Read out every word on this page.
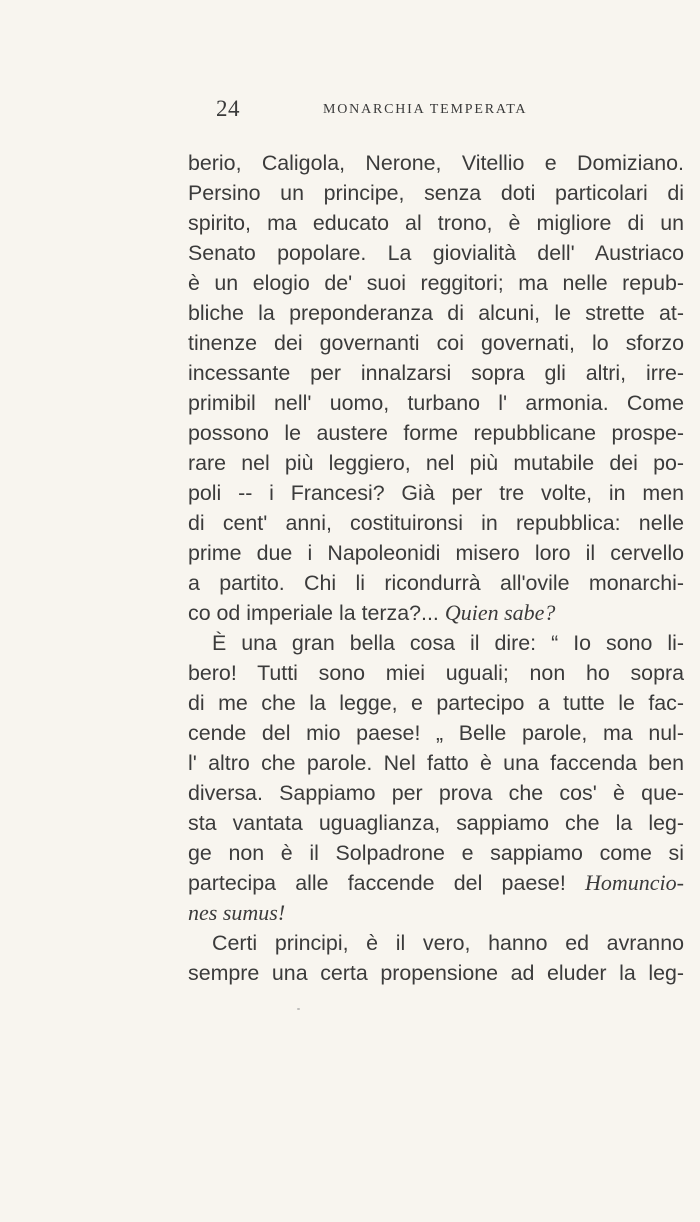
24	MONARCHIA TEMPERATA
berio, Caligola, Nerone, Vitellio e Domiziano.
Persino un principe, senza doti particolari di
spirito, ma educato al trono, è migliore di un
Senato popolare. La giovialità dell' Austriaco
è un elogio de' suoi reggitori; ma nelle repub-
bliche la preponderanza di alcuni, le strette at-
tinenze dei governanti coi governati, lo sforzo
incessante per innalzarsi sopra gli altri, irre-
primibil nell' uomo, turbano l' armonia. Come
possono le austere forme repubblicane prospe-
rare nel più leggiero, nel più mutabile dei po-
poli -- i Francesi? Già per tre volte, in men
di cent' anni, costituironsi in repubblica: nelle
prime due i Napoleonidi misero loro il cervello
a partito. Chi li ricondurrà all'ovile monarchi-
co od imperiale la terza?... Quien sabe?
È una gran bella cosa il dire: “ Io sono li-
bero! Tutti sono miei uguali; non ho sopra
di me che la legge, e partecipo a tutte le fac-
cende del mio paese! „ Belle parole, ma nul-
l' altro che parole. Nel fatto è una faccenda ben
diversa. Sappiamo per prova che cos' è que-
sta vantata uguaglianza, sappiamo che la leg-
ge non è il Solpadrone e sappiamo come si
partecipa alle faccende del paese! Homuncio-
nes sumus!
Certi principi, è il vero, hanno ed avranno
sempre una certa propensione ad eluder la leg-
